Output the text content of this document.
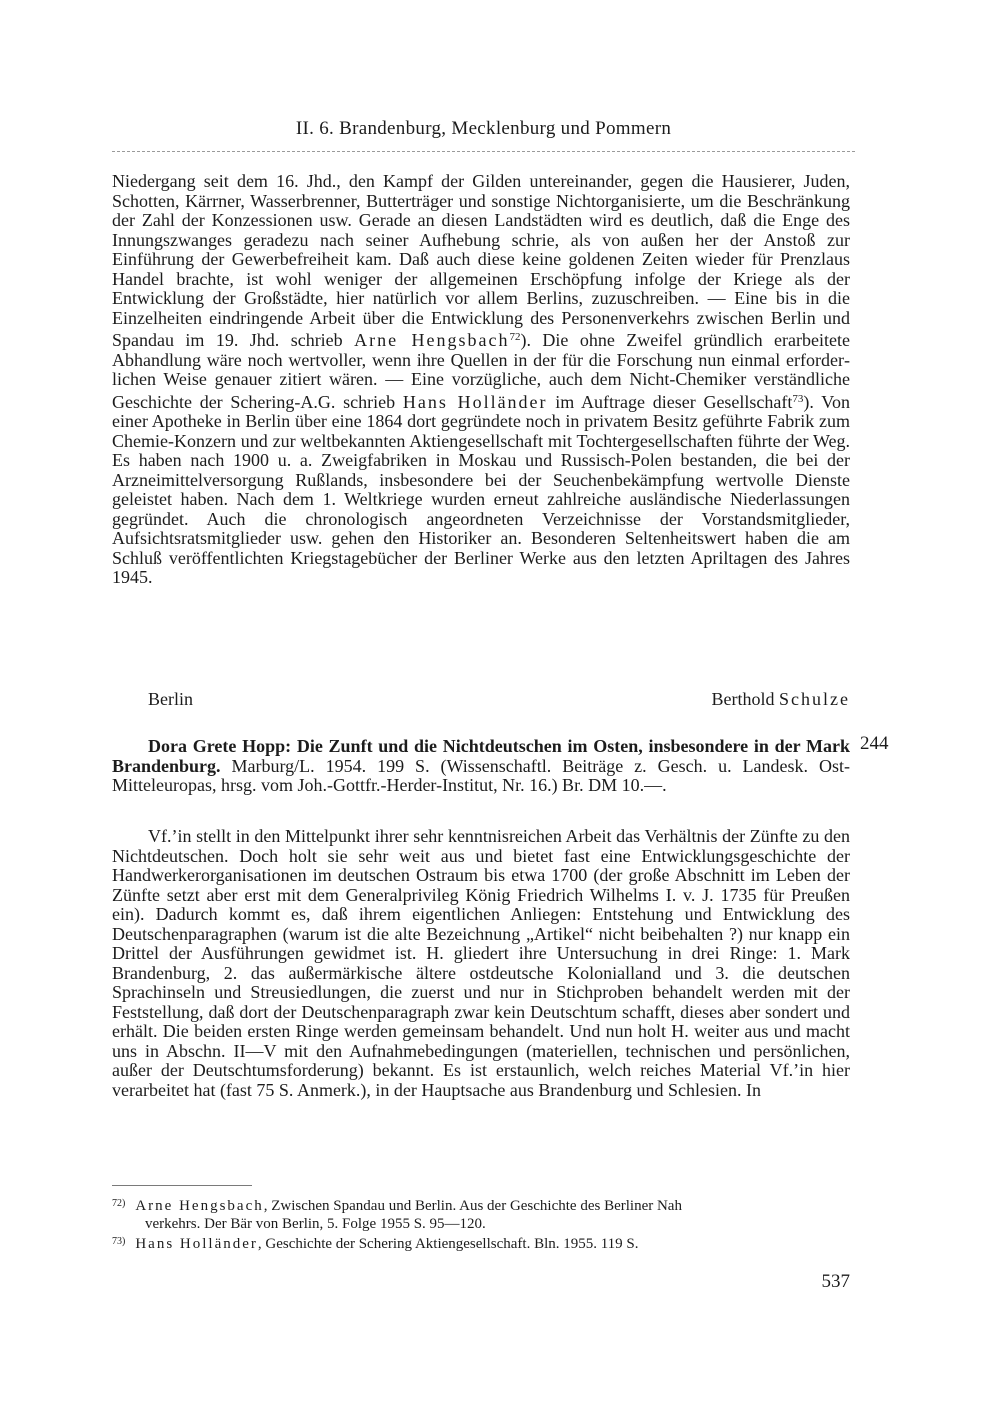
II. 6. Brandenburg, Mecklenburg und Pommern

Niedergang seit dem 16. Jhd., den Kampf der Gilden untereinander, gegen die Hausierer, Juden, Schotten, Kärrner, Wasserbrenner, Butterträger und sonstige Nichtorganisierte, um die Beschränkung der Zahl der Konzessionen usw. Gerade an diesen Landstädten wird es deutlich, daß die Enge des Innungszwanges geradezu nach seiner Aufhebung schrie, als von außen her der Anstoß zur Einführung der Gewerbefreiheit kam. Daß auch diese keine goldenen Zeiten wieder für Prenzlaus Handel brachte, ist wohl weniger der allgemeinen Erschöpfung infolge der Kriege als der Entwicklung der Großstädte, hier natürlich vor allem Berlins, zuzuschreiben. — Eine bis in die Einzelheiten eindringende Arbeit über die Entwicklung des Personenverkehrs zwischen Berlin und Spandau im 19. Jhd. schrieb Arne Hengsbach$^{72}$). Die ohne Zweifel gründlich erarbeitete Abhandlung wäre noch wertvoller, wenn ihre Quellen in der für die Forschung nun einmal erforderlichen Weise genauer zitiert wären. — Eine vorzügliche, auch dem Nicht-Chemiker verständliche Geschichte der Schering-A.G. schrieb Hans Holländer im Auftrage dieser Gesellschaft$^{73}$). Von einer Apotheke in Berlin über eine 1864 dort gegründete noch in privatem Besitz geführte Fabrik zum Chemie-Konzern und zur weltbekannten Aktiengesellschaft mit Tochtergesellschaften führte der Weg. Es haben nach 1900 u. a. Zweigfabriken in Moskau und Russisch-Polen bestanden, die bei der Arzneimittelversorgung Rußlands, insbesondere bei der Seuchenbekämpfung wertvolle Dienste geleistet haben. Nach dem 1. Weltkriege wurden erneut zahlreiche ausländische Niederlassungen gegründet. Auch die chronologisch angeordneten Verzeichnisse der Vorstandsmitglieder, Aufsichtsratsmitglieder usw. gehen den Historiker an. Besonderen Seltenheitswert haben die am Schluß veröffentlichten Kriegstagebücher der Berliner Werke aus den letzten Apriltagen des Jahres 1945.

Berlin	Berthold Schulze
244

Dora Grete Hopp: Die Zunft und die Nichtdeutschen im Osten, insbesondere in der Mark Brandenburg. Marburg/L. 1954. 199 S. (Wissenschaftl. Beiträge z. Gesch. u. Landesk. Ost-Mitteleuropas, hrsg. vom Joh.-Gottfr.-Herder-Institut, Nr. 16.) Br. DM 10.—.

Vf.’in stellt in den Mittelpunkt ihrer sehr kenntnisreichen Arbeit das Verhältnis der Zünfte zu den Nichtdeutschen. Doch holt sie sehr weit aus und bietet fast eine Entwicklungsgeschichte der Handwerkerorganisationen im deutschen Ostraum bis etwa 1700 (der große Abschnitt im Leben der Zünfte setzt aber erst mit dem Generalprivileg König Friedrich Wilhelms I. v. J. 1735 für Preußen ein). Dadurch kommt es, daß ihrem eigentlichen Anliegen: Entstehung und Entwicklung des Deutschenparagraphen (warum ist die alte Bezeichnung „Artikel“ nicht beibehalten ?) nur knapp ein Drittel der Ausführungen gewidmet ist. H. gliedert ihre Untersuchung in drei Ringe: 1. Mark Brandenburg, 2. das außermärkische ältere ostdeutsche Kolonialland und 3. die deutschen Sprachinseln und Streusiedlungen, die zuerst und nur in Stichproben behandelt werden mit der Feststellung, daß dort der Deutschenparagraph zwar kein Deutschtum schafft, dieses aber sondert und erhält. Die beiden ersten Ringe werden gemeinsam behandelt. Und nun holt H. weiter aus und macht uns in Abschn. II—V mit den Aufnahmebedingungen (materiellen, technischen und persönlichen, außer der Deutschtumsforderung) bekannt. Es ist erstaunlich, welch reiches Material Vf.’in hier verarbeitet hat (fast 75 S. Anmerk.), in der Hauptsache aus Brandenburg und Schlesien. In

$^{72)}$ Arne Hengsbach, Zwischen Spandau und Berlin. Aus der Geschichte des Berliner Nah
verkehrs. Der Bär von Berlin, 5. Folge 1955 S. 95—120.

$^{73)}$ Hans Holländer, Geschichte der Schering Aktiengesellschaft. Bln. 1955. 119 S.

537
